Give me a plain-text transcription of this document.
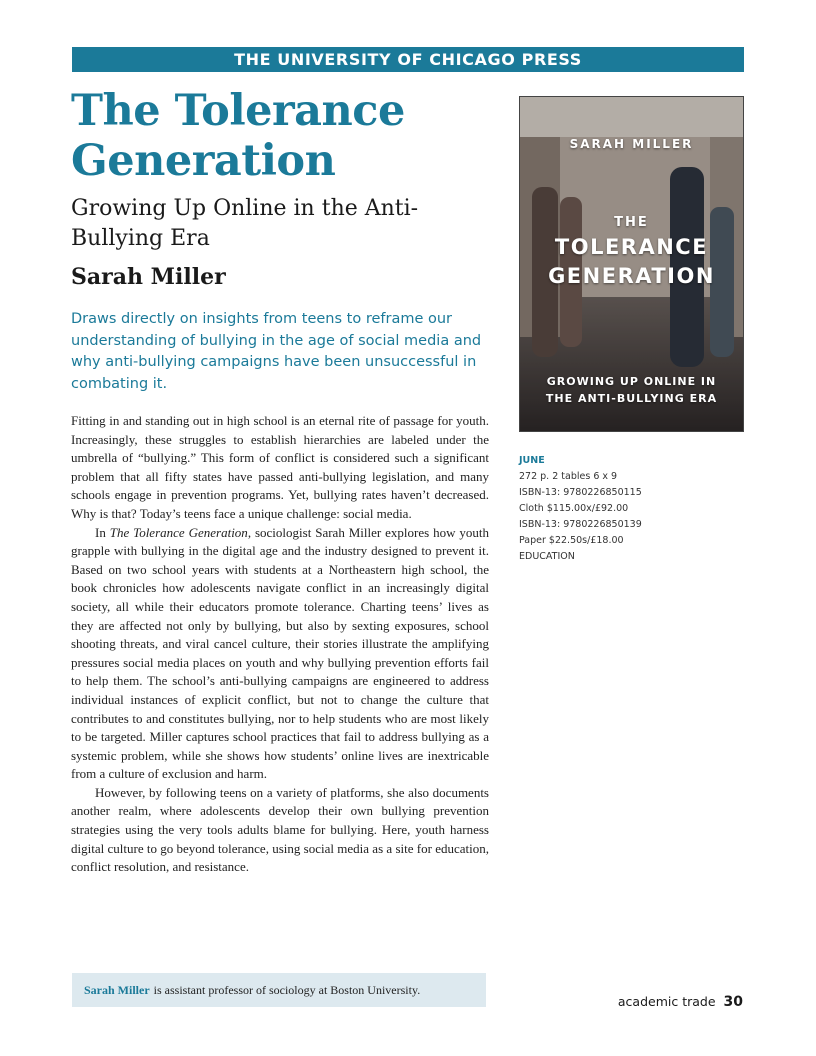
THE UNIVERSITY OF CHICAGO PRESS
The Tolerance Generation
Growing Up Online in the Anti-Bullying Era
Sarah Miller

Draws directly on insights from teens to reframe our understanding of bullying in the age of social media and why anti-bullying campaigns have been unsuccessful in combating it.

Fitting in and standing out in high school is an eternal rite of passage for youth. Increasingly, these struggles to establish hierarchies are labeled under the umbrella of “bullying.” This form of conflict is considered such a significant problem that all fifty states have passed anti-bullying legislation, and many schools engage in prevention programs. Yet, bullying rates haven’t decreased. Why is that? Today’s teens face a unique challenge: social media.

In The Tolerance Generation, sociologist Sarah Miller explores how youth grapple with bullying in the digital age and the industry designed to prevent it. Based on two school years with students at a Northeastern high school, the book chronicles how adolescents navigate conflict in an increasingly digital society, all while their educators promote tolerance. Charting teens’ lives as they are affected not only by bullying, but also by sexting exposures, school shooting threats, and viral cancel culture, their stories illustrate the amplifying pressures social media places on youth and why bullying prevention efforts fail to help them. The school’s anti-bullying campaigns are engineered to address individual instances of explicit conflict, but not to change the culture that contributes to and constitutes bullying, nor to help students who are most likely to be targeted. Miller captures school practices that fail to address bullying as a systemic problem, while she shows how students’ online lives are inextricable from a culture of exclusion and harm.

However, by following teens on a variety of platforms, she also documents another realm, where adolescents develop their own bullying prevention strategies using the very tools adults blame for bullying. Here, youth harness digital culture to go beyond tolerance, using social media as a site for education, conflict resolution, and resistance.

Sarah Miller is assistant professor of sociology at Boston University.
SARAH MILLER
THE
TOLERANCE
GENERATION
GROWING UP ONLINE IN
THE ANTI-BULLYING ERA
JUNE
272 p. 2 tables 6 x 9
ISBN-13: 9780226850115
Cloth $115.00x/£92.00
ISBN-13: 9780226850139
Paper $22.50s/£18.00
EDUCATION
academic trade 30
